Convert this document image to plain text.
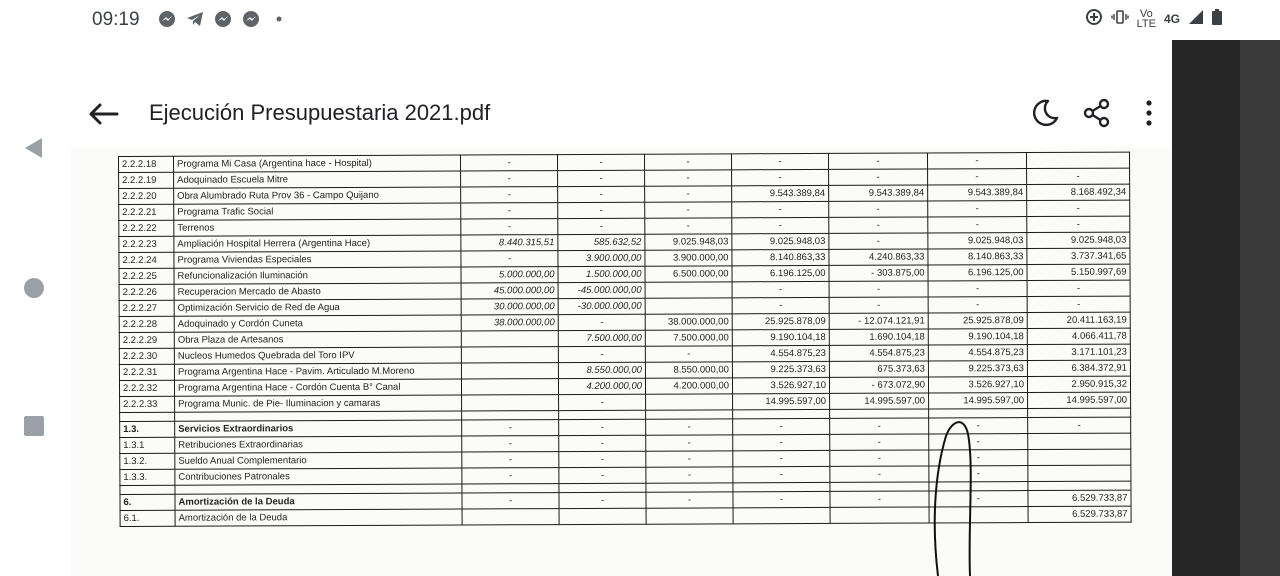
09:19	Vo
LTE 4G
Ejecución Presupuestaria 2021.pdf
2.2.2.18	Programa Mi Casa (Argentina hace - Hospital)	-	-	-	-	-	-	
2.2.2.19	Adoquinado Escuela Mitre	-	-	-	-	-	-	-
2.2.2.20	Obra Alumbrado Ruta Prov 36 - Campo Quijano	-	-	-	9.543.389,84	9.543.389,84	9.543.389,84	8.168.492,34
2.2.2.21	Programa Trafic Social	-	-	-	-	-	-	-
2.2.2.22	Terrenos	-	-	-	-	-	-	-
2.2.2.23	Ampliación Hospital Herrera (Argentina Hace)	8.440.315,51	585.632,52	9.025.948,03	9.025.948,03	-	9.025.948,03	9.025.948,03
2.2.2.24	Programa Viviendas Especiales	-	3.900.000,00	3.900.000,00	8.140.863,33	4.240.863,33	8.140.863,33	3.737.341,65
2.2.2.25	Refuncionalización Iluminación	5.000.000,00	1.500.000,00	6.500.000,00	6.196.125,00	- 303.875,00	6.196.125,00	5.150.997,69
2.2.2.26	Recuperacion Mercado de Abasto	45.000.000,00	-45.000.000,00		-	-	-	-
2.2.2.27	Optimización Servicio de Red de Agua	30.000.000,00	-30.000.000,00		-	-	-	-
2.2.2.28	Adoquinado y Cordón Cuneta	38.000.000,00	-	38.000.000,00	25.925.878,09	- 12.074.121,91	25.925.878,09	20.411.163,19
2.2.2.29	Obra Plaza de Artesanos		7.500.000,00	7.500.000,00	9.190.104,18	1.690.104,18	9.190.104,18	4.066.411,78
2.2.2.30	Nucleos Humedos Quebrada del Toro IPV		-	-	4.554.875,23	4.554.875,23	4.554.875,23	3.171.101,23
2.2.2.31	Programa Argentina Hace - Pavim. Articulado M.Moreno		8.550.000,00	8.550.000,00	9.225.373,63	675.373,63	9.225.373,63	6.384.372,91
2.2.2.32	Programa Argentina Hace - Cordón Cuenta B° Canal		4.200.000,00	4.200.000,00	3.526.927,10	- 673.072,90	3.526.927,10	2.950.915,32
2.2.2.33	Programa Munic. de Pie- Iluminacion y camaras		-		14.995.597,00	14.995.597,00	14.995.597,00	14.995.597,00

1.3.	Servicios Extraordinarios	-	-	-	-	-	-	-
1.3.1	Retribuciones Extraordinarias	-	-	-	-	-	-	
1.3.2.	Sueldo Anual Complementario	-	-	-	-	-	-	
1.3.3.	Contribuciones Patronales	-	-	-	-	-	-	

6.	Amortización de la Deuda	-	-	-	-	-	-	6.529.733,87
6.1.	Amortización de la Deuda							6.529.733,87
